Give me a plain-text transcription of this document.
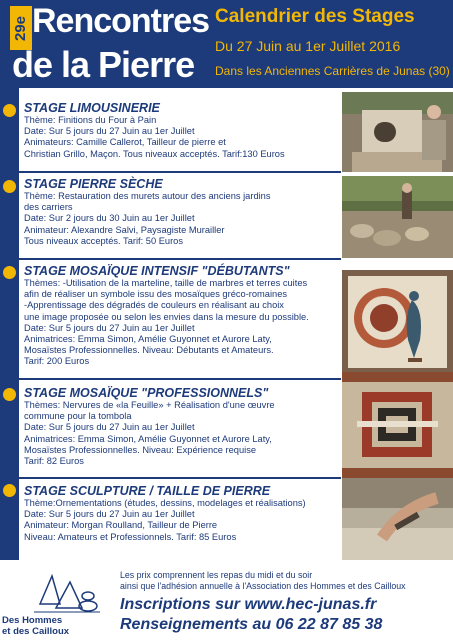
29e Rencontres
de la Pierre
Calendrier des Stages
Du 27 Juin au 1er Juillet 2016
Dans les Anciennes Carrières de Junas (30)

STAGE LIMOUSINERIE

Thème: Finitions du Four à Pain

Date: Sur 5 jours du 27 Juin au 1er Juillet

Animateurs: Camille Callerot, Tailleur de pierre et

Christian Grillo, Maçon. Tous niveaux acceptés. Tarif:130 Euros

STAGE PIERRE SÈCHE

Thème: Restauration des murets autour des anciens jardins

des carriers

Date: Sur 2 jours du 30 Juin au 1er Juillet

Animateur: Alexandre Salvi, Paysagiste Murailler

Tous niveaux acceptés. Tarif: 50 Euros

STAGE MOSAÏQUE INTENSIF "DÉBUTANTS"

Thèmes: -Utilisation de la marteline, taille de marbres et terres cuites

afin de réaliser un symbole issu des mosaïques gréco-romaines

-Apprentissage des dégradés de couleurs en réalisant au choix

une image proposée ou selon les envies dans la mesure du possible.

Date: Sur 5 jours du 27 Juin au 1er Juillet

Animatrices: Emma Simon, Amélie Guyonnet et Aurore Laty,

Mosaïstes Professionnelles. Niveau: Débutants et Amateurs.

Tarif: 200 Euros

STAGE MOSAÏQUE "PROFESSIONNELS"

Thèmes: Nervures de «la Feuille» + Réalisation d'une œuvre

commune pour la tombola

Date: Sur 5 jours du 27 Juin au 1er Juillet

Animatrices: Emma Simon, Amélie Guyonnet et Aurore Laty,

Mosaïstes Professionnelles. Niveau: Expérience requise

Tarif: 82 Euros

STAGE SCULPTURE / TAILLE DE PIERRE

Thème:Ornementations (études, dessins, modelages et réalisations)

Date: Sur 5 jours du 27 Juin au 1er Juillet

Animateur: Morgan Roulland, Tailleur de Pierre

Niveau: Amateurs et Professionnels. Tarif: 85 Euros

Les prix comprennent les repas du midi et du soir
ainsi que l'adhésion annuelle à l'Association des Hommes et des Cailloux
Inscriptions sur www.hec-junas.fr
Renseignements au 06 22 87 85 38
Des Hommes
et des Cailloux
